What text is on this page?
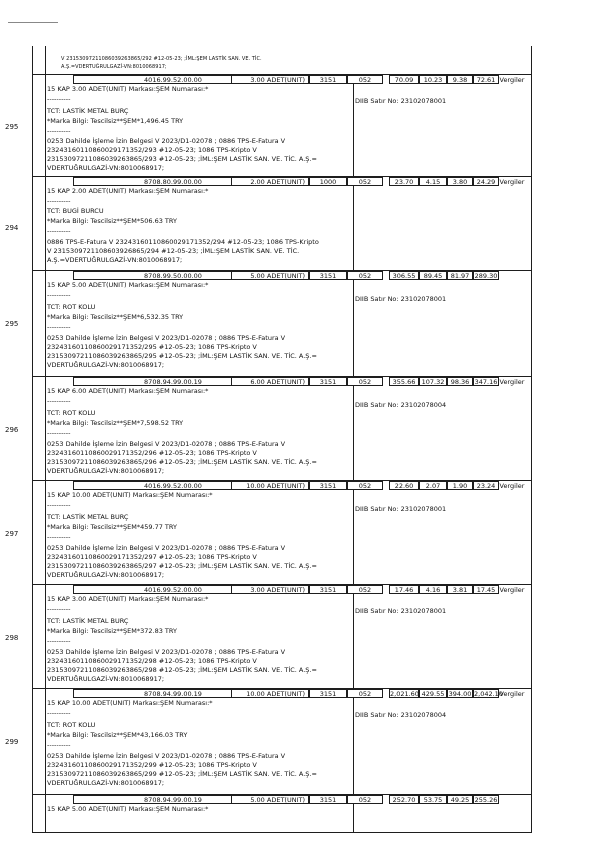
V 23153097211086039263865/292 #12-05-23; ;İML:ŞEM LASTİK SAN. VE. TİC.
A.Ş.=VDERTUĞRULGAZİ-VN:8010068917;
4016.99.52.00.00	3.00 ADET(UNIT)	3151	052	70.09	10.23	9.38	72.61 Vergiler
15 KAP 3.00 ADET(UNIT) Markası:ŞEM Numarası:*
----------	DIIB Satır No: 23102078001
TCT: LASTİK METAL BURÇ
*Marka Bilgi: Tescilsiz**ŞEM*1,496.45 TRY
295	----------
0253 Dahilde İşleme İzin Belgesi V 2023/D1-02078 ; 0886 TPS-E-Fatura V
23243160110860029171352/293 #12-05-23; 1086 TPS-Kripto V
23153097211086039263865/293 #12-05-23; ;İML:ŞEM LASTİK SAN. VE. TİC. A.Ş.=
VDERTUĞRULGAZİ-VN:8010068917;
8708.80.99.00.00	2.00 ADET(UNIT)	1000	052	23.70	4.15	3.80	24.29 Vergiler
15 KAP 2.00 ADET(UNIT) Markası:ŞEM Numarası:*
----------
TCT: BUGİ BURCU
*Marka Bilgi: Tescilsiz**ŞEM*506.63 TRY
294	----------
0886 TPS-E-Fatura V 23243160110860029171352/294 #12-05-23; 1086 TPS-Kripto
V 2315309721108603926865/294 #12-05-23; ;İML:ŞEM LASTİK SAN. VE. TİC.
A.Ş.=VDERTUĞRULGAZİ-VN:8010068917;
8708.99.50.00.00	5.00 ADET(UNIT)	3151	052	306.55	89.45	81.97 289.30
15 KAP 5.00 ADET(UNIT) Markası:ŞEM Numarası:*
----------	DIIB Satır No: 23102078001
TCT: ROT KOLU
*Marka Bilgi: Tescilsiz**ŞEM*6,532.35 TRY
295	----------
0253 Dahilde İşleme İzin Belgesi V 2023/D1-02078 ; 0886 TPS-E-Fatura V
23243160110860029171352/295 #12-05-23; 1086 TPS-Kripto V
23153097211086039263865/295 #12-05-23; ;İML:ŞEM LASTİK SAN. VE. TİC. A.Ş.=
VDERTUĞRULGAZİ-VN:8010068917;
8708.94.99.00.19	6.00 ADET(UNIT)	3151	052	355.66 107.32 98.36 347.16 Vergiler
15 KAP 6.00 ADET(UNIT) Markası:ŞEM Numarası:*
----------	DIIB Satır No: 23102078004
TCT: ROT KOLU
*Marka Bilgi: Tescilsiz**ŞEM*7,598.52 TRY
296	----------
0253 Dahilde İşleme İzin Belgesi V 2023/D1-02078 ; 0886 TPS-E-Fatura V
23243160110860029171352/296 #12-05-23; 1086 TPS-Kripto V
23153097211086039263865/296 #12-05-23; ;İML:ŞEM LASTİK SAN. VE. TİC. A.Ş.=
VDERTUĞRULGAZİ-VN:8010068917;
4016.99.52.00.00	10.00 ADET(UNIT)	3151	052	22.60	2.07	1.90	23.24 Vergiler
15 KAP 10.00 ADET(UNIT) Markası:ŞEM Numarası:*
----------	DIIB Satır No: 23102078001
TCT: LASTİK METAL BURÇ
*Marka Bilgi: Tescilsiz**ŞEM*459.77 TRY
297	----------
0253 Dahilde İşleme İzin Belgesi V 2023/D1-02078 ; 0886 TPS-E-Fatura V
23243160110860029171352/297 #12-05-23; 1086 TPS-Kripto V
23153097211086039263865/297 #12-05-23; ;İML:ŞEM LASTİK SAN. VE. TİC. A.Ş.=
VDERTUĞRULGAZİ-VN:8010068917;
4016.99.52.00.00	3.00 ADET(UNIT)	3151	052	17.46	4.16	3.81	17.45 Vergiler
15 KAP 3.00 ADET(UNIT) Markası:ŞEM Numarası:*
----------	DIIB Satır No: 23102078001
TCT: LASTİK METAL BURÇ
*Marka Bilgi: Tescilsiz**ŞEM*372.83 TRY
298	----------
0253 Dahilde İşleme İzin Belgesi V 2023/D1-02078 ; 0886 TPS-E-Fatura V
23243160110860029171352/298 #12-05-23; 1086 TPS-Kripto V
23153097211086039263865/298 #12-05-23; ;İML:ŞEM LASTİK SAN. VE. TİC. A.Ş.=
VDERTUĞRULGAZİ-VN:8010068917;
8708.94.99.00.19	10.00 ADET(UNIT)	3151	052	2,021.60 429.55 394.00 2,042.10
Vergiler
15 KAP 10.00 ADET(UNIT) Markası:ŞEM Numarası:*
----------	DIIB Satır No: 23102078004
TCT: ROT KOLU
*Marka Bilgi: Tescilsiz**ŞEM*43,166.03 TRY
299	----------
0253 Dahilde İşleme İzin Belgesi V 2023/D1-02078 ; 0886 TPS-E-Fatura V
23243160110860029171352/299 #12-05-23; 1086 TPS-Kripto V
23153097211086039263865/299 #12-05-23; ;İML:ŞEM LASTİK SAN. VE. TİC. A.Ş.=
VDERTUĞRULGAZİ-VN:8010068917;
8708.94.99.00.19	5.00 ADET(UNIT)	3151	052	252.70	53.75	49.25 255.26
15 KAP 5.00 ADET(UNIT) Markası:ŞEM Numarası:*
